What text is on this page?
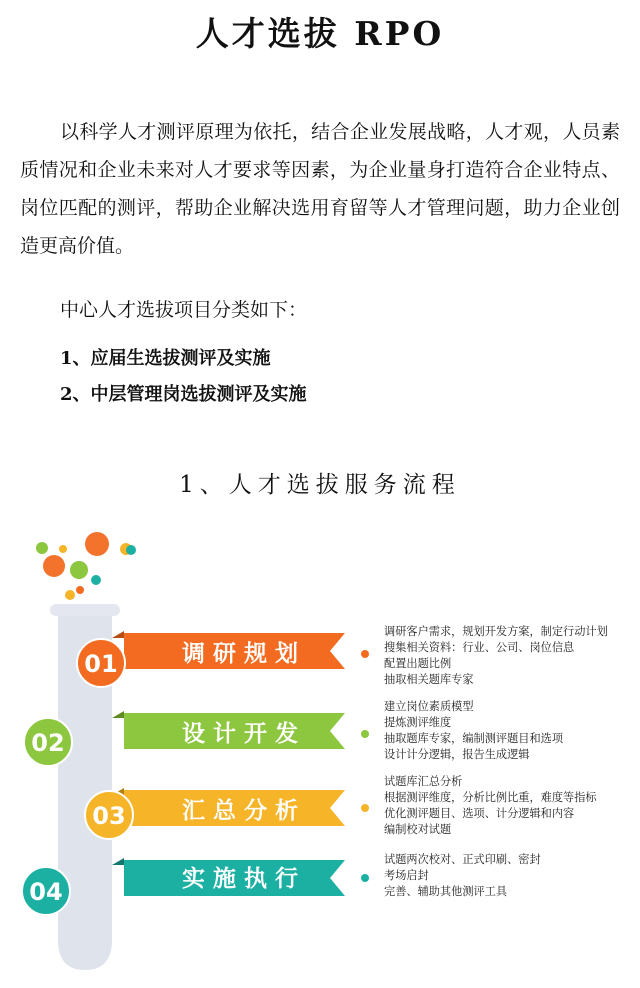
人才选拔 RPO

以科学人才测评原理为依托，结合企业发展战略，人才观，人员素质情况和企业未来对人才要求等因素，为企业量身打造符合企业特点、岗位匹配的测评，帮助企业解决选用育留等人才管理问题，助力企业创造更高价值。

中心人才选拔项目分类如下：
1、应届生选拔测评及实施
2、中层管理岗选拔测评及实施
1、人才选拔服务流程
01	调 研 规 划
02	设 计 开 发
03 汇 总 分 析
04	实 施 执 行
调研客户需求，规划开发方案，制定行动计划
搜集相关资料：行业、公司、岗位信息
配置出题比例
抽取相关题库专家
建立岗位素质模型
提炼测评维度
抽取题库专家，编制测评题目和选项
设计计分逻辑，报告生成逻辑
试题库汇总分析
根据测评维度，分析比例比重，难度等指标
优化测评题目、选项、计分逻辑和内容
编制校对试题
试题两次校对、正式印刷、密封
考场启封
完善、辅助其他测评工具
